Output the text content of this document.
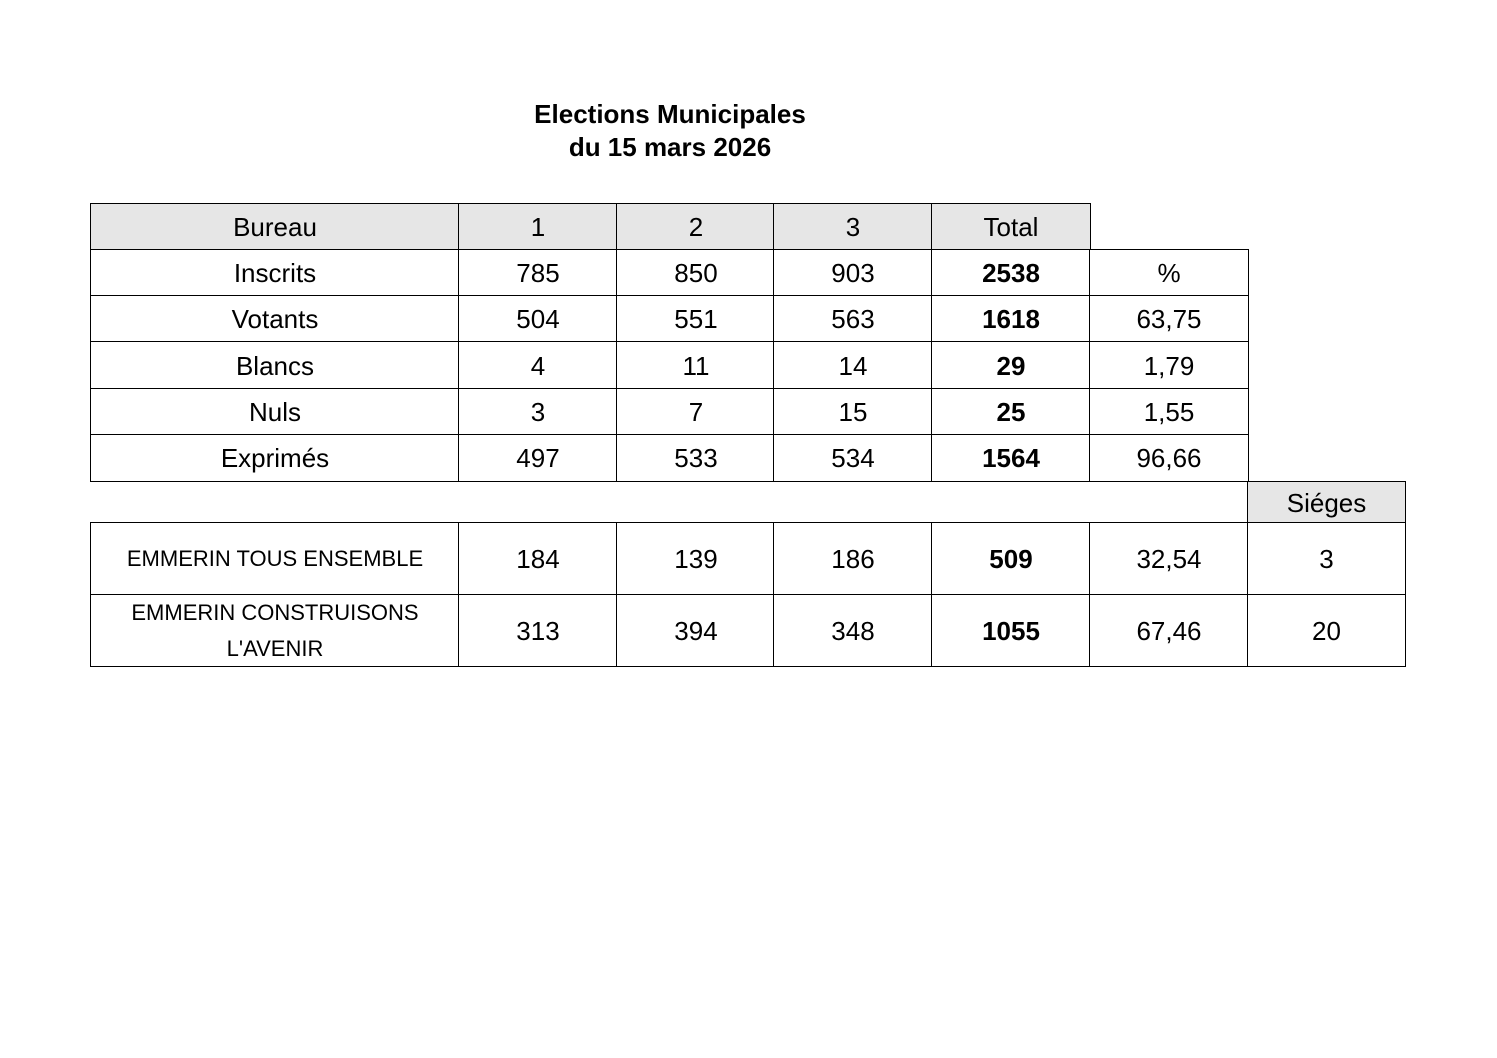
Elections Municipales
du 15 mars 2026
Bureau	1	2	3	Total
Inscrits	785	850	903	2538	%
Votants	504	551	563	1618	63,75
Blancs	4	11	14	29	1,79
Nuls	3	7	15	25	1,55
Exprimés	497	533	534	1564	96,66
Siéges
EMMERIN TOUS ENSEMBLE	184	139	186	509	32,54	3
EMMERIN CONSTRUISONS
L'AVENIR
313	394	348	1055	67,46	20
